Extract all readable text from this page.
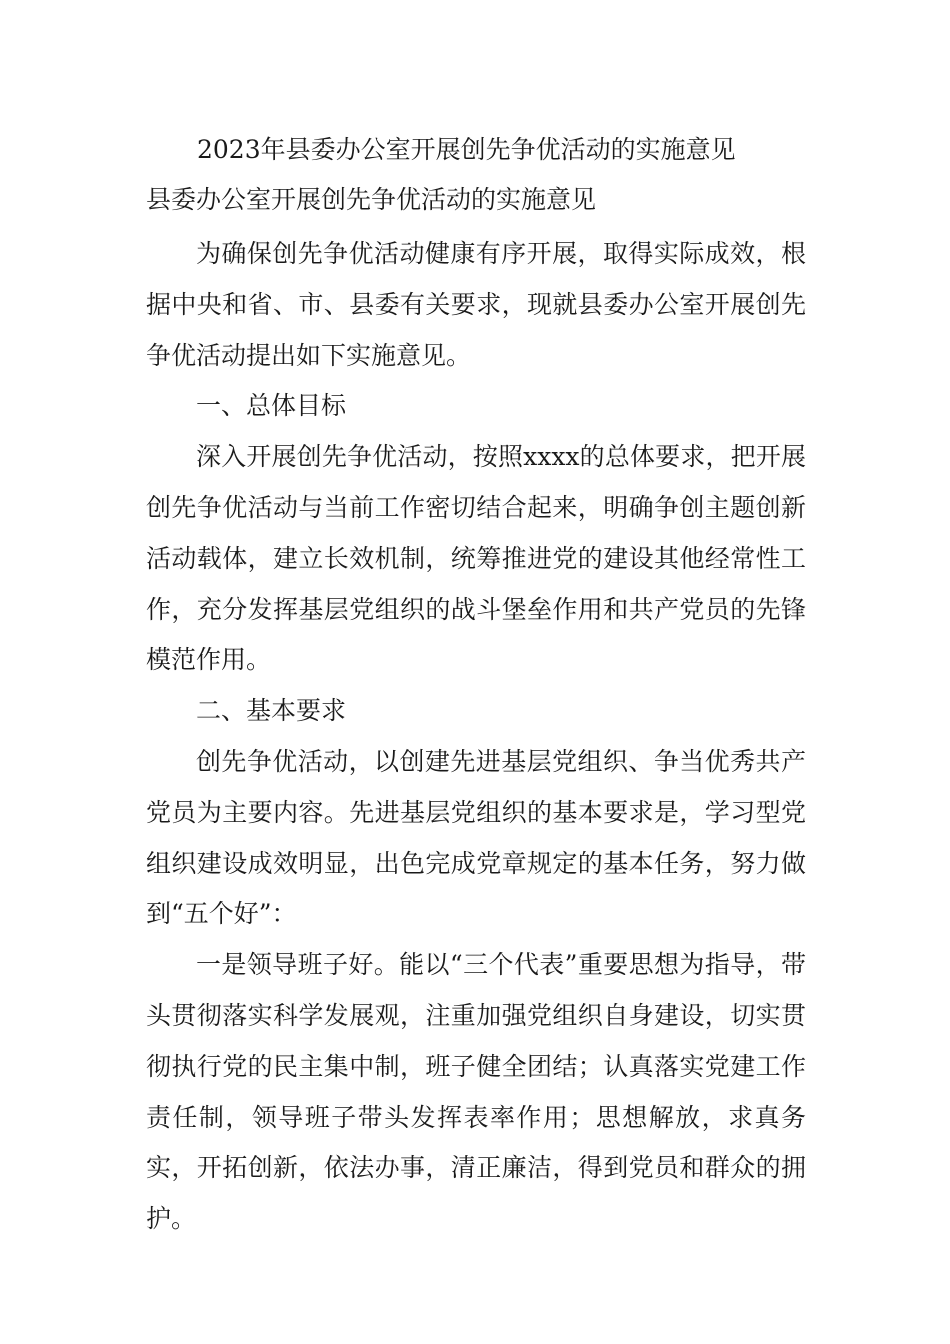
2023年县委办公室开展创先争优活动的实施意见
县委办公室开展创先争优活动的实施意见

为确保创先争优活动健康有序开展，取得实际成效，根据中央和省、市、县委有关要求，现就县委办公室开展创先争优活动提出如下实施意见。

一、总体目标

深入开展创先争优活动，按照xxxx的总体要求，把开展创先争优活动与当前工作密切结合起来，明确争创主题创新活动载体，建立长效机制，统筹推进党的建设其他经常性工作，充分发挥基层党组织的战斗堡垒作用和共产党员的先锋模范作用。

二、基本要求

创先争优活动，以创建先进基层党组织、争当优秀共产党员为主要内容。先进基层党组织的基本要求是，学习型党组织建设成效明显，出色完成党章规定的基本任务，努力做到“五个好”：

一是领导班子好。能以“三个代表”重要思想为指导，带头贯彻落实科学发展观，注重加强党组织自身建设，切实贯彻执行党的民主集中制，班子健全团结；认真落实党建工作责任制，领导班子带头发挥表率作用；思想解放，求真务实，开拓创新，依法办事，清正廉洁，得到党员和群众的拥护。
